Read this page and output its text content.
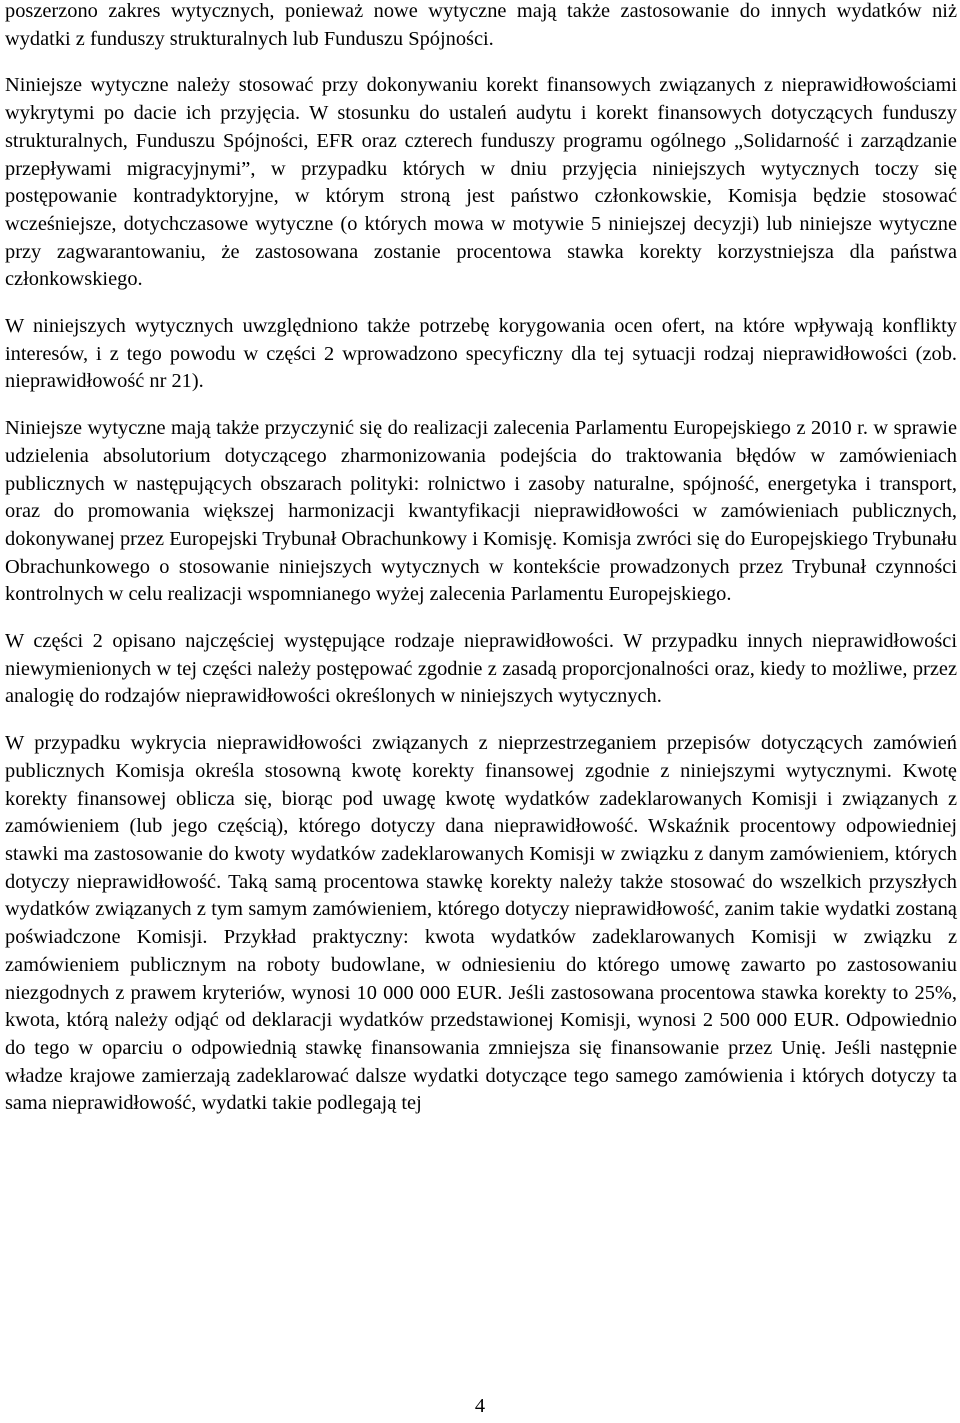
poszerzono zakres wytycznych, ponieważ nowe wytyczne mają także zastosowanie do innych wydatków niż wydatki z funduszy strukturalnych lub Funduszu Spójności.

Niniejsze wytyczne należy stosować przy dokonywaniu korekt finansowych związanych z nieprawidłowościami wykrytymi po dacie ich przyjęcia. W stosunku do ustaleń audytu i korekt finansowych dotyczących funduszy strukturalnych, Funduszu Spójności, EFR oraz czterech funduszy programu ogólnego „Solidarność i zarządzanie przepływami migracyjnymi”, w przypadku których w dniu przyjęcia niniejszych wytycznych toczy się postępowanie kontradyktoryjne, w którym stroną jest państwo członkowskie, Komisja będzie stosować wcześniejsze, dotychczasowe wytyczne (o których mowa w motywie 5 niniejszej decyzji) lub niniejsze wytyczne przy zagwarantowaniu, że zastosowana zostanie procentowa stawka korekty korzystniejsza dla państwa członkowskiego.

W niniejszych wytycznych uwzględniono także potrzebę korygowania ocen ofert, na które wpływają konflikty interesów, i z tego powodu w części 2 wprowadzono specyficzny dla tej sytuacji rodzaj nieprawidłowości (zob. nieprawidłowość nr 21).

Niniejsze wytyczne mają także przyczynić się do realizacji zalecenia Parlamentu Europejskiego z 2010 r. w sprawie udzielenia absolutorium dotyczącego zharmonizowania podejścia do traktowania błędów w zamówieniach publicznych w następujących obszarach polityki: rolnictwo i zasoby naturalne, spójność, energetyka i transport, oraz do promowania większej harmonizacji kwantyfikacji nieprawidłowości w zamówieniach publicznych, dokonywanej przez Europejski Trybunał Obrachunkowy i Komisję. Komisja zwróci się do Europejskiego Trybunału Obrachunkowego o stosowanie niniejszych wytycznych w kontekście prowadzonych przez Trybunał czynności kontrolnych w celu realizacji wspomnianego wyżej zalecenia Parlamentu Europejskiego.

W części 2 opisano najczęściej występujące rodzaje nieprawidłowości. W przypadku innych nieprawidłowości niewymienionych w tej części należy postępować zgodnie z zasadą proporcjonalności oraz, kiedy to możliwe, przez analogię do rodzajów nieprawidłowości określonych w niniejszych wytycznych.

W przypadku wykrycia nieprawidłowości związanych z nieprzestrzeganiem przepisów dotyczących zamówień publicznych Komisja określa stosowną kwotę korekty finansowej zgodnie z niniejszymi wytycznymi. Kwotę korekty finansowej oblicza się, biorąc pod uwagę kwotę wydatków zadeklarowanych Komisji i związanych z zamówieniem (lub jego częścią), którego dotyczy dana nieprawidłowość. Wskaźnik procentowy odpowiedniej stawki ma zastosowanie do kwoty wydatków zadeklarowanych Komisji w związku z danym zamówieniem, których dotyczy nieprawidłowość. Taką samą procentowa stawkę korekty należy także stosować do wszelkich przyszłych wydatków związanych z tym samym zamówieniem, którego dotyczy nieprawidłowość, zanim takie wydatki zostaną poświadczone Komisji. Przykład praktyczny: kwota wydatków zadeklarowanych Komisji w związku z zamówieniem publicznym na roboty budowlane, w odniesieniu do którego umowę zawarto po zastosowaniu niezgodnych z prawem kryteriów, wynosi 10 000 000 EUR. Jeśli zastosowana procentowa stawka korekty to 25%, kwota, którą należy odjąć od deklaracji wydatków przedstawionej Komisji, wynosi 2 500 000 EUR. Odpowiednio do tego w oparciu o odpowiednią stawkę finansowania zmniejsza się finansowanie przez Unię. Jeśli następnie władze krajowe zamierzają zadeklarować dalsze wydatki dotyczące tego samego zamówienia i których dotyczy ta sama nieprawidłowość, wydatki takie podlegają tej

4
